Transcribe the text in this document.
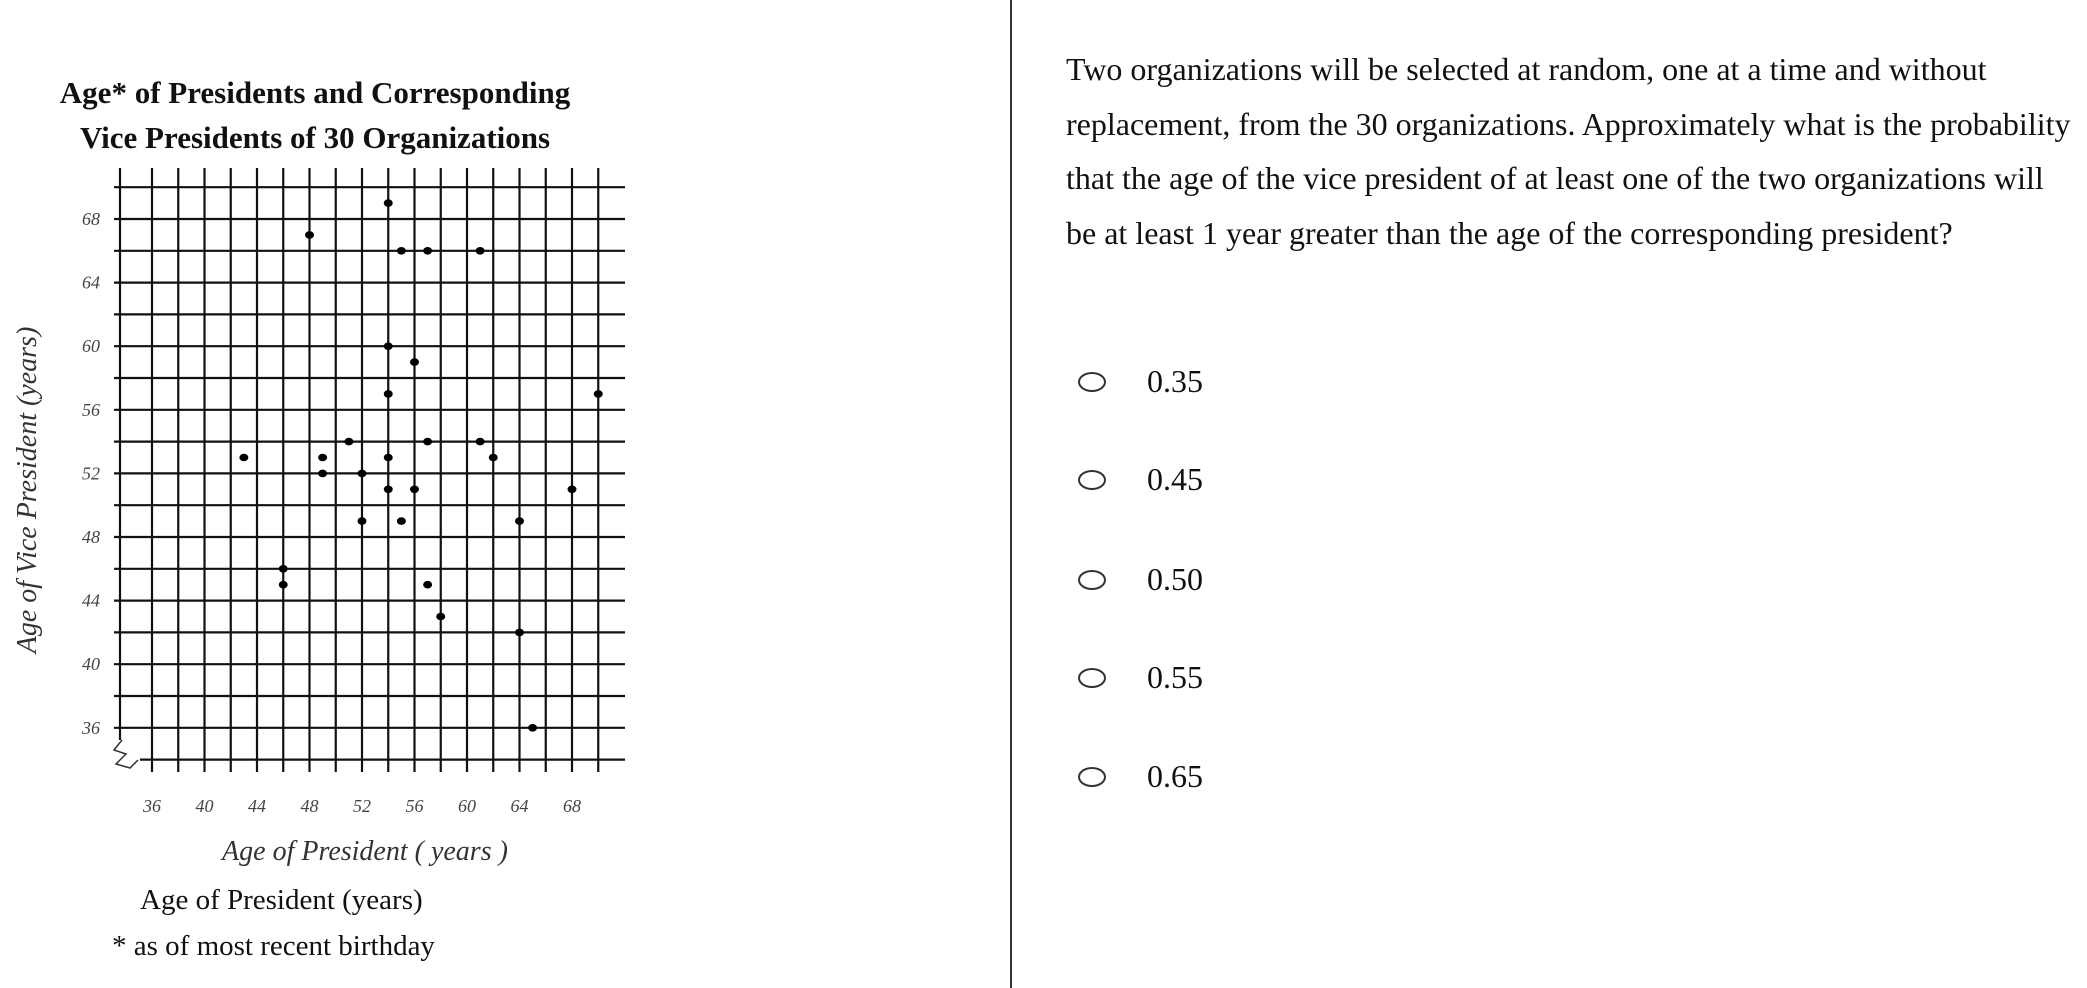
Age* of Presidents and Corresponding
Vice Presidents of 30 Organizations
36 40 44 48 52 56 60 64 68
36
40
44
48
52
56
60
64
68
Age of President ( years )
Age of Vice President (years)
Age of President (years)
* as of most recent birthday
Two organizations will be selected at random, one at a time and without replacement, from the 30 organizations. Approximately what is the probability that the age of the vice president of at least one of the two organizations will be at least 1 year greater than the age of the corresponding president?
0.35
0.45
0.50
0.55
0.65
